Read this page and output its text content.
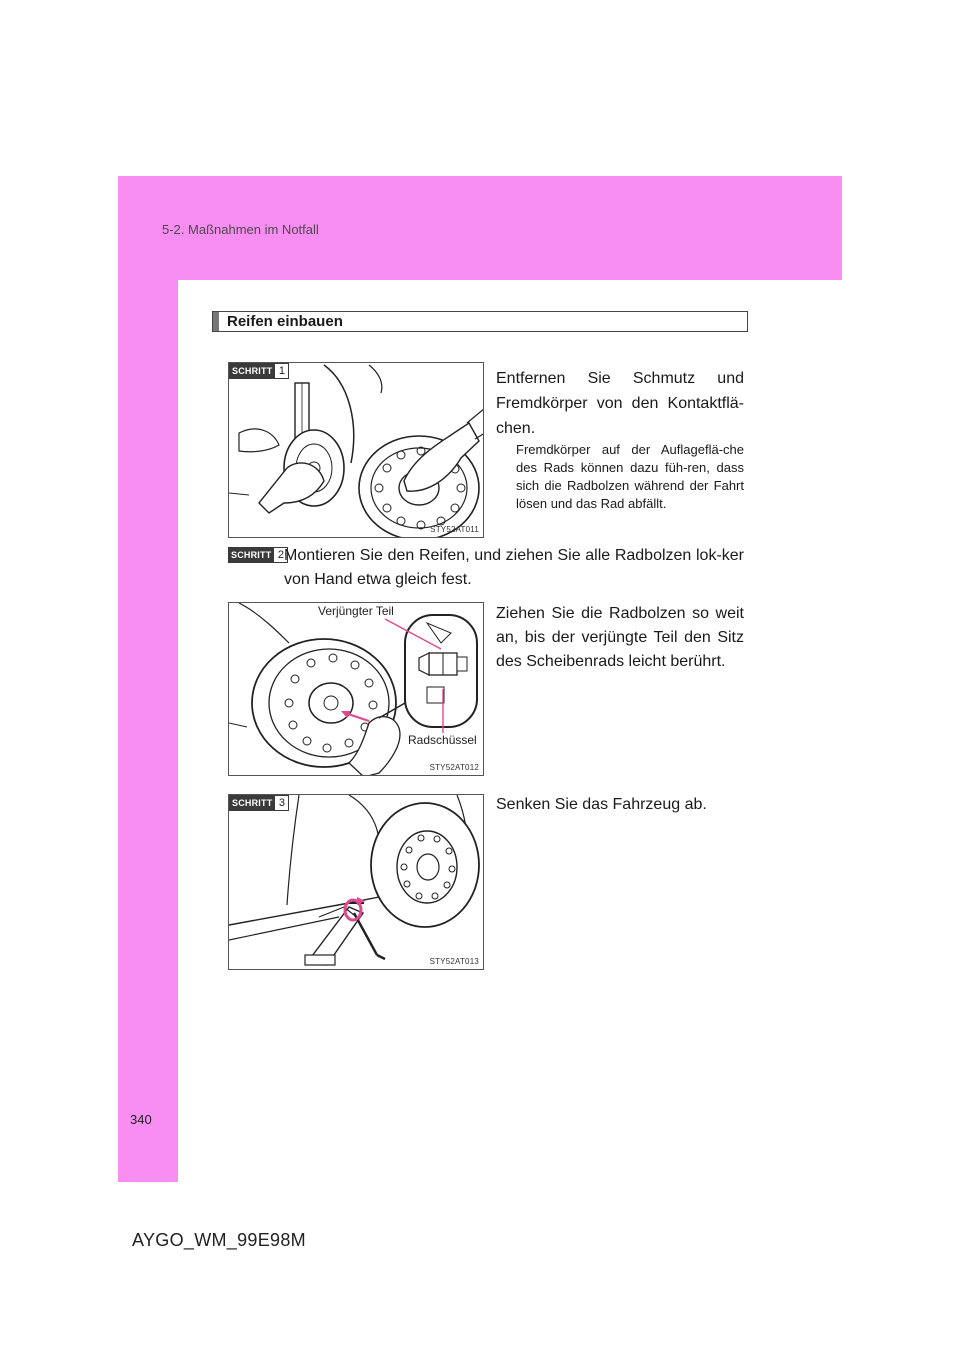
5-2. Maßnahmen im Notfall
Reifen einbauen
STY52AT011
SCHRITT 1	Entfernen Sie Schmutz und Fremdkörper von den Kontaktflä-chen.
Fremdkörper auf der Auflageflä-che des Rads können dazu füh-ren, dass sich die Radbolzen während der Fahrt lösen und das Rad abfällt.
SCHRITT 2 Montieren Sie den Reifen, und ziehen Sie alle Radbolzen lok-ker von Hand etwa gleich fest.
STY52AT012
Verjüngter Teil
Radschüssel
Ziehen Sie die Radbolzen so weit an, bis der verjüngte Teil den Sitz des Scheibenrads leicht berührt.
STY52AT013
SCHRITT 3	Senken Sie das Fahrzeug ab.
340
AYGO_WM_99E98M
